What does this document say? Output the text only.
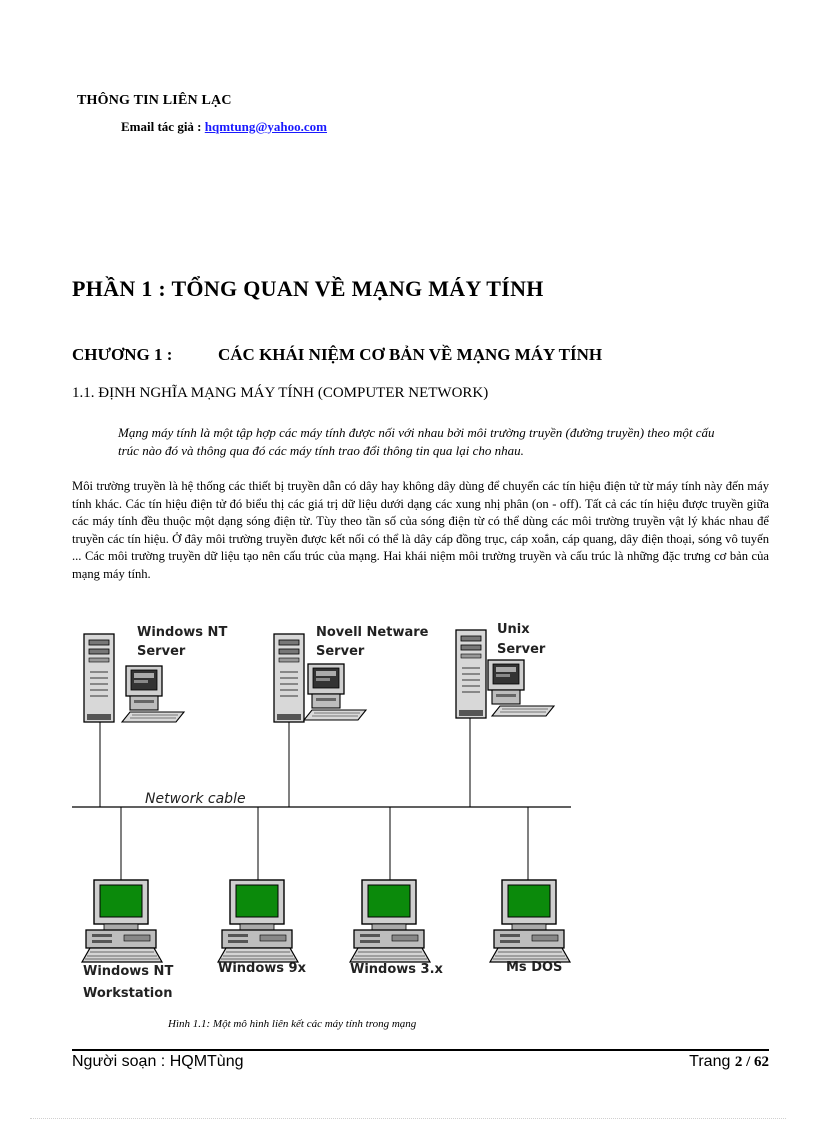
THÔNG TIN LIÊN LẠC
Email tác giả : hqmtung@yahoo.com
PHẦN 1 : TỔNG QUAN VỀ MẠNG MÁY TÍNH
CHƯƠNG 1 :	CÁC KHÁI NIỆM CƠ BẢN VỀ MẠNG MÁY TÍNH
1.1. ĐỊNH NGHĨA MẠNG MÁY TÍNH (COMPUTER NETWORK)
Mạng máy tính là một tập hợp các máy tính được nối với nhau bởi môi trường truyền (đường truyền) theo một cấu trúc nào đó và thông qua đó các máy tính trao đổi thông tin qua lại cho nhau.
Môi trường truyền là hệ thống các thiết bị truyền dẫn có dây hay không dây dùng để chuyển các tín hiệu điện tử từ máy tính này đến máy tính khác. Các tín hiệu điện tử đó biểu thị các giá trị dữ liệu dưới dạng các xung nhị phân (on - off). Tất cả các tín hiệu được truyền giữa các máy tính đều thuộc một dạng sóng điện từ. Tùy theo tần số của sóng điện từ có thể dùng các môi trường truyền vật lý khác nhau để truyền các tín hiệu. Ở đây môi trường truyền được kết nối có thể là dây cáp đồng trục, cáp xoắn, cáp quang, dây điện thoại, sóng vô tuyến ... Các môi trường truyền dữ liệu tạo nên cấu trúc của mạng. Hai khái niệm môi trường truyền và cấu trúc là những đặc trưng cơ bản của mạng máy tính.
Windows NT
Server
Novell Netware
Server
Unix
Server
Network cable
Windows NT
Workstation
Windows 9x	Windows 3.x	Ms DOS
Hình 1.1: Một mô hình liên kết các máy tính trong mạng
Người soạn : HQMTùng	Trang 2 / 62
